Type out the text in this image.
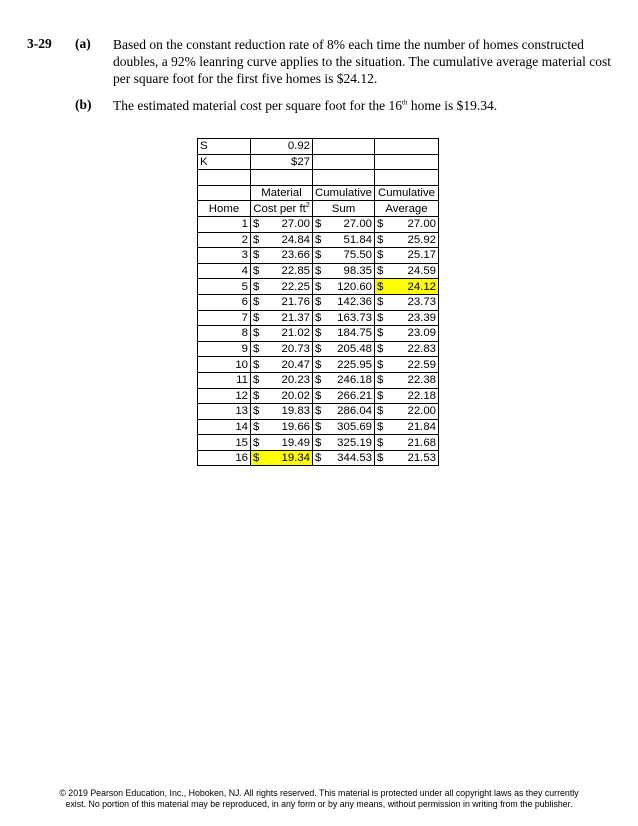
3-29 (a) Based on the constant reduction rate of 8% each time the number of homes constructed doubles, a 92% leanring curve applies to the situation. The cumulative average material cost per square foot for the first five homes is $24.12.
(b) The estimated material cost per square foot for the 16th home is $19.34.
S	0.92		
K	$27		

	Material	Cumulative	Cumulative
Home	Cost per $ft^2$	Sum	Average
1	$ 27.00	$ 27.00	$ 27.00

2	$ 24.84	$ 51.84	$ 25.92

3	$ 23.66	$ 75.50	$ 25.17

4	$ 22.85	$ 98.35	$ 24.59

5	$ 22.25	$ 120.60	$ 24.12

6	$ 21.76	$ 142.36	$ 23.73

7	$ 21.37	$ 163.73	$ 23.39

8	$ 21.02	$ 184.75	$ 23.09

9	$ 20.73	$ 205.48	$ 22.83

10	$ 20.47	$ 225.95	$ 22.59

11	$ 20.23	$ 246.18	$ 22.38

12	$ 20.02	$ 266.21	$ 22.18

13	$ 19.83	$ 286.04	$ 22.00

14	$ 19.66	$ 305.69	$ 21.84

15	$ 19.49	$ 325.19	$ 21.68

16	$ 19.34	$ 344.53	$ 21.53
© 2019 Pearson Education, Inc., Hoboken, NJ. All rights reserved. This material is protected under all copyright laws as they currently
exist. No portion of this material may be reproduced, in any form or by any means, without permission in writing from the publisher.
